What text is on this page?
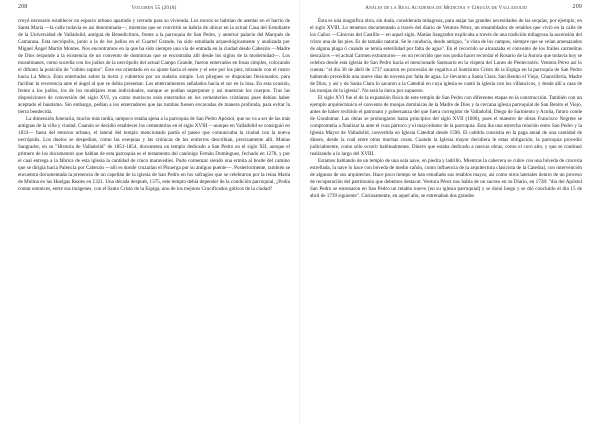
208	Volumen 55 (2018)

creyó necesario establecer un espacio urbano apartado y cerrado para su vivienda. Los moros se habrían de asentar en el barrio de Santa María —la calle todavía es así denominada—, mientras que se convirtió se habría de ubicar en la actual Casa del Estudiante de la Universidad de Valladolid, antigua de Benedictinos, frente a la parroquia de San Pedro, y anterior palacio del Marqués de Camarasa. Esta necrópolis, junto a la de los judíos en el Cuartel Grande, ha sido estudiada arqueológicamente y analizada por Miguel Ángel Martín Montes. Nos encontramos en la que ha sido siempre una vía de entrada en la ciudad desde Cabezón —Madre de Dios responde a la existencia de un convento de dominicas que se encontraba allí desde los siglos de la modernidad—. Los musulmanes, como sucedía con los judíos de la necrópolis del actual Campo Grande, fueron enterrados en fosas simples, colocando el difunto la posición de "cúbito supino". Éste era orientado en su ajuste hacia el oeste y el este por los pies, mirando con el rostro hacia La Meca. Eran enterrados sobre la tierra y cubiertos por un sudario simple. Los pliegues se disponían flexionados, para facilitar la reverencia ante el ángel al que se debía presentar. Los enterramientos señalados hacia el sur en la losa. En esta ocasión, frente a los judíos, los de los mudéjares eran individuales, aunque se podían superponer y así muestran los cuerpos. Tras las disposiciones de conversión del siglo XVI, ya como moriscos eran enterrados en los cementerios cristianos pues debían haber aceptado el bautismo. Sin embargo, pedían a los enterradores que las tumbas fuesen excavadas de manera profunda, para evitar la tierra bendecida.

La dimensión funeraria, mucho más tardía, tampoco estaba ajena a la parroquia de San Pedro Apóstol, que no va a ser de las más antiguas de la villa y ciudad. Cuando se decidió establecer los cementerios en el siglo XVIII —aunque en Valladolid se consiguió en 1833— fuera del entorno urbano, el lateral del templo mencionado partía el paseo que comunicaba la ciudad con la nueva necrópolis. Los duelos se despedían, como las exequias y las crónicas de los entierros describían, precisamente allí. Matías Sangrador, en su "Historia de Valladolid" de 1851-1854, documenta un templo dedicado a San Pedro en el siglo XII, aunque el primero de los documentos que hablan de esta parroquia es el testamento del canónigo Fernán Domínguez, fechado en 1278, y por el cual entrega a la fábrica de esta iglesia la cantidad de cinco maravedíes. Pudo comenzar siendo una ermita al borde del camino que se dirigía hacia Palencia por Cabezón —allí es donde cruzarían el Pisuerga por su antiguo puente—. Posteriormente, también se encuentra documentada la presencia de un capellán de la iglesia de San Pedro en los sufragios que se celebraron por la reina María de Molina en las Huelgas Reales en 1321. Una década después, 1375, este templo debía depender de la condición parroquial, ¿Podía contar entonces, entre sus imágenes, con el Santo Cristo de la Espiga, uno de los mejores Crucificados góticos de la ciudad?

Anales de la Real Academia de Medicina y Cirugía de Valladolid	209

Ésta es una magnífica obra, sin duda, considerada milagrosa, para atajar las grandes necesidades de las sequías, por ejemplo, en el siglo XVIII. Lo tenemos documentado a través del diario de Ventura Pérez, un ensamblador de retablos que vivió en la calle de los Caños —Cánovas del Castillo— en aquel siglo. Matías Sangrador explicaba a través de una tradición milagrosa la ascensión del cristo una de las pies. Es de tamaño natural. Se le conducía, desde antiguo, "a vista de los campos, siempre que se veían amenazados de alguna plaga ó cuando se temía esterilidad por falta de agua". En el recorrido se alcanzaba el convento de los frailes carmelitas descalzos —el actual Carmen extramuros— en un recorrido que nos podía hacer recordar el Rosario de la Aurora que todavía hoy se celebra desde esta iglesia de San Pedro hacia el mencionado Santuario en la víspera del Lunes de Pentecostés. Ventura Pérez así lo cuenta: "el día 30 de abril de 1737 sacaron en procesión de rogativa al Santísimo Cristo de la Espiga en la parroquia de San Pedro habiendo precedido una nueve días de novena por falta de agua. Le llevaron a Santa Clara, San Benito el Viejo, Chancillería, Madre de Dios, y así y de Santa Clara lo sacaron a la Catedral en cuya iglesia se cantó la iglesia con los villancicos, y desde allí a casa de las monjas de la iglesia". No será la única por supuesto.

El siglo XVI fue el de la expansión física de este templo de San Pedro con diferentes etapas en la construcción. También con un ejemplo arquitectónico el convento de monjas dominicas de la Madre de Dios y la cercana iglesia parroquial de San Benito el Viejo, antes de haber recibido el patronato y gobernanza del que fuera corregidor de Valladolid, Diego de Sarmiento y Acuña, futuro conde de Gondomar. Las obras se prolongaron hasta principios del siglo XVII (1606), pues el maestro de obras Francisco Negrete se comprometía a finalizar la ante el cura párroco y el mayordomo de la parroquia. Esta iba una estrecha relación entre San Pedro y la Iglesia Mayor de Valladolid, convertida en Iglesia Catedral desde 1596. El cabildo consistía en la paga anual de una cantidad de dinero, desde la cual entre otras muchas cosas. Cuando la Iglesia mayor decidiera le estas obligación, la parroquia procedió judicialmente, como sólo ocurrir habitualmente. Dinero que estaba dedicado a nuevas obras, como el coro alto, y que se continuó realizando a lo largo del XVIII.

Estamos hablando de un templo de una sola nave, en piedra y ladrillo. Mientras la cabecera se cubre con una bóveda de crucería estrellada, la nave lo hace con bóveda de medio cañón, como influencia de la arquitectura clasicista de la Catedral, con intervención de algunos de sus arquitectos. Hace poco tiempo se han estudiado sus retablos mayor, así como otros laterales dentro de un proceso de recuperación del patrimonio que debemos destacar. Ventura Pérez nos habla de un suceso en su Diario, en 1738: "día del Apóstol San Pedro se estrenaron en San Pedro un retablo nuevo [en su iglesia parroquial] y se donó luego y se dió concluido el día 15 de abril de 1739 siguiente". Curiosamente, en aquel año, se estrenaban dos grandes
